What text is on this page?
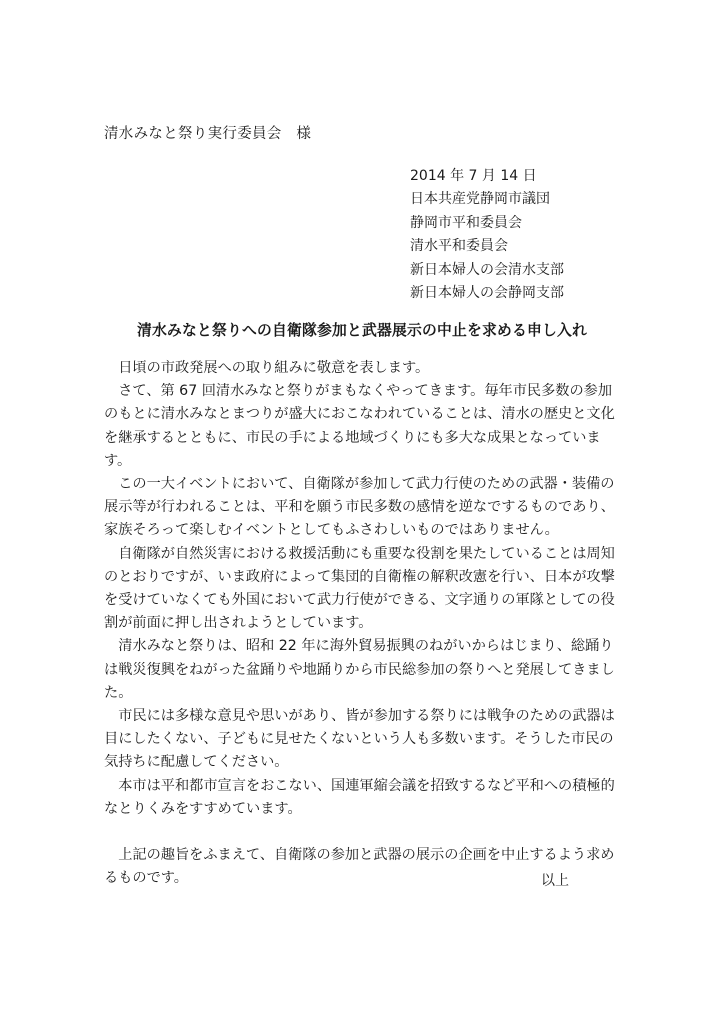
清水みなと祭り実行委員会　様
2014 年 7 月 14 日
日本共産党静岡市議団
静岡市平和委員会
清水平和委員会
新日本婦人の会清水支部
新日本婦人の会静岡支部
清水みなと祭りへの自衛隊参加と武器展示の中止を求める申し入れ

日頃の市政発展への取り組みに敬意を表します。

さて、第 67 回清水みなと祭りがまもなくやってきます。毎年市民多数の参加のもとに清水みなとまつりが盛大におこなわれていることは、清水の歴史と文化を継承するとともに、市民の手による地域づくりにも多大な成果となっています。

この一大イベントにおいて、自衛隊が参加して武力行使のための武器・装備の展示等が行われることは、平和を願う市民多数の感情を逆なでするものであり、家族そろって楽しむイベントとしてもふさわしいものではありません。

自衛隊が自然災害における救援活動にも重要な役割を果たしていることは周知のとおりですが、いま政府によって集団的自衛権の解釈改憲を行い、日本が攻撃を受けていなくても外国において武力行使ができる、文字通りの軍隊としての役割が前面に押し出されようとしています。

清水みなと祭りは、昭和 22 年に海外貿易振興のねがいからはじまり、総踊りは戦災復興をねがった盆踊りや地踊りから市民総参加の祭りへと発展してきました。

市民には多様な意見や思いがあり、皆が参加する祭りには戦争のための武器は目にしたくない、子どもに見せたくないという人も多数います。そうした市民の気持ちに配慮してください。

本市は平和都市宣言をおこない、国連軍縮会議を招致するなど平和への積極的なとりくみをすすめています。

上記の趣旨をふまえて、自衛隊の参加と武器の展示の企画を中止するよう求めるものです。	以上
